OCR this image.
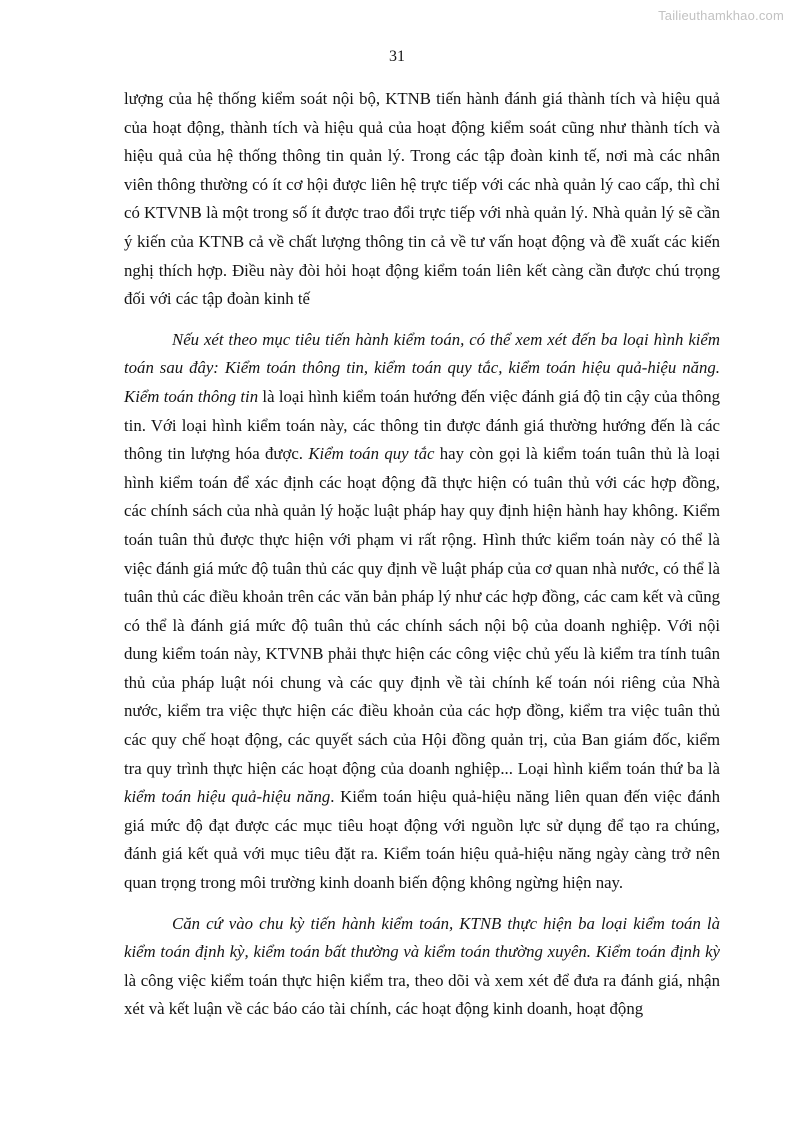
Tailieuthamkhao.com
31

lượng của hệ thống kiểm soát nội bộ, KTNB tiến hành đánh giá thành tích và hiệu quả của hoạt động, thành tích và hiệu quả của hoạt động kiểm soát cũng như thành tích và hiệu quả của hệ thống thông tin quản lý. Trong các tập đoàn kinh tế, nơi mà các nhân viên thông thường có ít cơ hội được liên hệ trực tiếp với các nhà quản lý cao cấp, thì chỉ có KTVNB là một trong số ít được trao đổi trực tiếp với nhà quản lý. Nhà quản lý sẽ cần ý kiến của KTNB cả về chất lượng thông tin cả về tư vấn hoạt động và đề xuất các kiến nghị thích hợp. Điều này đòi hỏi hoạt động kiểm toán liên kết càng cần được chú trọng đối với các tập đoàn kinh tế

Nếu xét theo mục tiêu tiến hành kiểm toán, có thể xem xét đến ba loại hình kiểm toán sau đây: Kiểm toán thông tin, kiểm toán quy tắc, kiểm toán hiệu quả-hiệu năng. Kiểm toán thông tin là loại hình kiểm toán hướng đến việc đánh giá độ tin cậy của thông tin. Với loại hình kiểm toán này, các thông tin được đánh giá thường hướng đến là các thông tin lượng hóa được. Kiểm toán quy tắc hay còn gọi là kiểm toán tuân thủ là loại hình kiểm toán để xác định các hoạt động đã thực hiện có tuân thủ với các hợp đồng, các chính sách của nhà quản lý hoặc luật pháp hay quy định hiện hành hay không. Kiểm toán tuân thủ được thực hiện với phạm vi rất rộng. Hình thức kiểm toán này có thể là việc đánh giá mức độ tuân thủ các quy định về luật pháp của cơ quan nhà nước, có thể là tuân thủ các điều khoản trên các văn bản pháp lý như các hợp đồng, các cam kết và cũng có thể là đánh giá mức độ tuân thủ các chính sách nội bộ của doanh nghiệp. Với nội dung kiểm toán này, KTVNB phải thực hiện các công việc chủ yếu là kiểm tra tính tuân thủ của pháp luật nói chung và các quy định về tài chính kế toán nói riêng của Nhà nước, kiểm tra việc thực hiện các điều khoản của các hợp đồng, kiểm tra việc tuân thủ các quy chế hoạt động, các quyết sách của Hội đồng quản trị, của Ban giám đốc, kiểm tra quy trình thực hiện các hoạt động của doanh nghiệp... Loại hình kiểm toán thứ ba là kiểm toán hiệu quả-hiệu năng. Kiểm toán hiệu quả-hiệu năng liên quan đến việc đánh giá mức độ đạt được các mục tiêu hoạt động với nguồn lực sử dụng để tạo ra chúng, đánh giá kết quả với mục tiêu đặt ra. Kiểm toán hiệu quả-hiệu năng ngày càng trở nên quan trọng trong môi trường kinh doanh biến động không ngừng hiện nay.

Căn cứ vào chu kỳ tiến hành kiểm toán, KTNB thực hiện ba loại kiểm toán là kiểm toán định kỳ, kiểm toán bất thường và kiểm toán thường xuyên. Kiểm toán định kỳ là công việc kiểm toán thực hiện kiểm tra, theo dõi và xem xét để đưa ra đánh giá, nhận xét và kết luận về các báo cáo tài chính, các hoạt động kinh doanh, hoạt động
